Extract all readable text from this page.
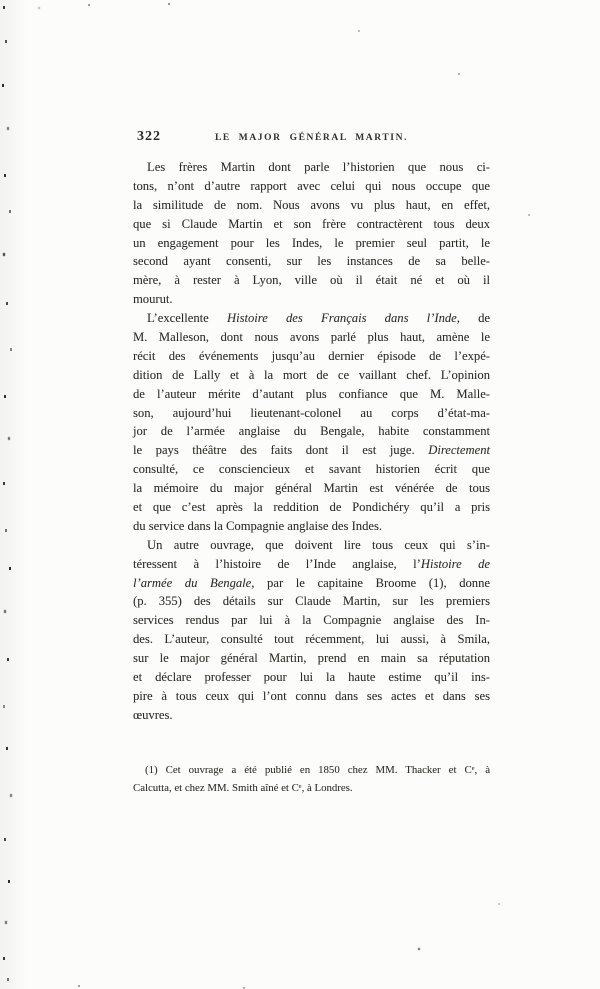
322	LE MAJOR GÉNÉRAL MARTIN.
Les frères Martin dont parle l’historien que nous ci-
tons, n’ont d’autre rapport avec celui qui nous occupe que
la similitude de nom. Nous avons vu plus haut, en effet,
que si Claude Martin et son frère contractèrent tous deux
un engagement pour les Indes, le premier seul partit, le
second ayant consenti, sur les instances de sa belle-
mère, à rester à Lyon, ville où il était né et où il
mourut.
L’excellente Histoire des Français dans l’Inde, de
M. Malleson, dont nous avons parlé plus haut, amène le
récit des événements jusqu’au dernier épisode de l’expé-
dition de Lally et à la mort de ce vaillant chef. L’opinion
de l’auteur mérite d’autant plus confiance que M. Malle-
son, aujourd’hui lieutenant-colonel au corps d’état-ma-
jor de l’armée anglaise du Bengale, habite constamment
le pays théâtre des faits dont il est juge. Directement
consulté, ce consciencieux et savant historien écrit que
la mémoire du major général Martin est vénérée de tous
et que c’est après la reddition de Pondichéry qu’il a pris
du service dans la Compagnie anglaise des Indes.
Un autre ouvrage, que doivent lire tous ceux qui s’in-
téressent à l’histoire de l’Inde anglaise, l’Histoire de
l’armée du Bengale, par le capitaine Broome (1), donne
(p. 355) des détails sur Claude Martin, sur les premiers
services rendus par lui à la Compagnie anglaise des In-
des. L’auteur, consulté tout récemment, lui aussi, à Smila,
sur le major général Martin, prend en main sa réputation
et déclare professer pour lui la haute estime qu’il ins-
pire à tous ceux qui l’ont connu dans ses actes et dans ses
œuvres.
(1) Cet ouvrage a été publié en 1850 chez MM. Thacker et Cᵉ, à
Calcutta, et chez MM. Smith aîné et Cᵉ, à Londres.
